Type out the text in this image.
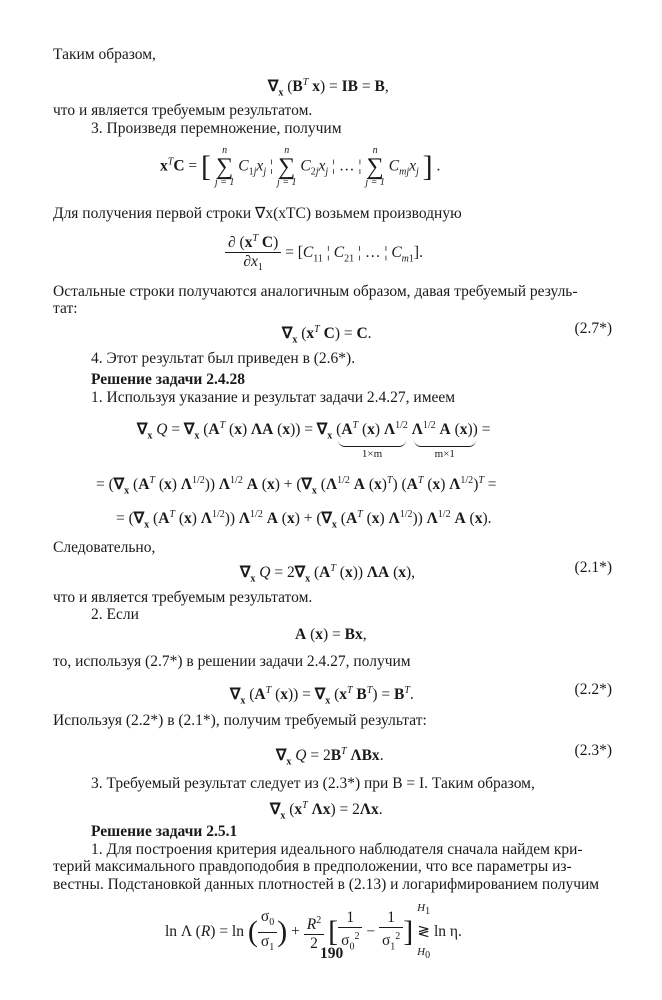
Таким образом,
$\nabla_x$ ($B^T$ x) = IB = B,
что и является требуемым результатом.
3. Произведя перемножение, получим
$x^TC$ = [	n
∑
j = 1
$C_{1j}x_j$ ¦
n
∑
j = 1
$C_{2j}x_j$ ¦ … ¦
n
∑
j = 1
$C_{mj}x_j$ ] .
Для получения первой строки ∇x(xTC) возьмем производную
$\frac{\partial (x^T C)}{\partial x_1} = [C_{11}$ ¦ $C_{21}$ ¦ … ¦ $C_{m1}$].
Остальные строки получаются аналогичным образом, давая требуемый резуль-
тат:
$\nabla_x$ ($x^T$ C) = C.	(2.7*)
4. Этот результат был приведен в (2.6*).
Решение задачи 2.4.28
1. Используя указание и результат задачи 2.4.27, имеем
$\nabla_x$ $Q = \nabla_x$ ($A^T$ (x) ΛA $(x)) = \nabla_x$ ($A^T$ (x) $\Lambda^{1/2}$
1×m
$\Lambda^{1/2}$ A (x))
m×1
=
= ($\nabla_x$ ($A^T$ (x) $\Lambda^{1/2}$)) $\Lambda^{1/2}$ A $(x) + (\nabla_x$ ($\Lambda^{1/2}$ A $(x)^T$) ($A^T$ (x) $\Lambda^{1/2})^T$ =
= ($\nabla_x$ ($A^T$ (x) $\Lambda^{1/2}$)) $\Lambda^{1/2}$ A $(x) + (\nabla_x$ ($A^T$ (x) $\Lambda^{1/2}$)) $\Lambda^{1/2}$ A (x).
Следовательно,
$\nabla_x$ $Q = 2\nabla_x$ ($A^T$ (x)) ΛA (x),	(2.1*)
что и является требуемым результатом.
2. Если
A (x) = Bx,
то, используя (2.7*) в решении задачи 2.4.27, получим
$\nabla_x$ ($A^T$ $(x)) = \nabla_x$ ($x^T$ $B^T) = B^T$.	(2.2*)
Используя (2.2*) в (2.1*), получим требуемый результат:
$\nabla_x$ $Q = 2B^T$ ΛBx.	(2.3*)
3. Требуемый результат следует из (2.3*) при B = I. Таким образом,
$\nabla_x$ ($x^T$ Λx) = 2Λx.
Решение задачи 2.5.1
1. Для построения критерия идеального наблюдателя сначала найдем кри-
терий максимального правдоподобия в предположении, что все параметры из-
вестны. Подстановкой данных плотностей в (2.13) и логарифмированием получим
ln Λ (R) = ln ( $\frac{\sigma_0}{\sigma_1}$ ) + $\frac{R^2}{2}$ [ $\frac{1}{\sigma_0^2} - \frac{1}{\sigma_1^2}$ ]
$H_1$
≷
$H_0$
ln η.
190
